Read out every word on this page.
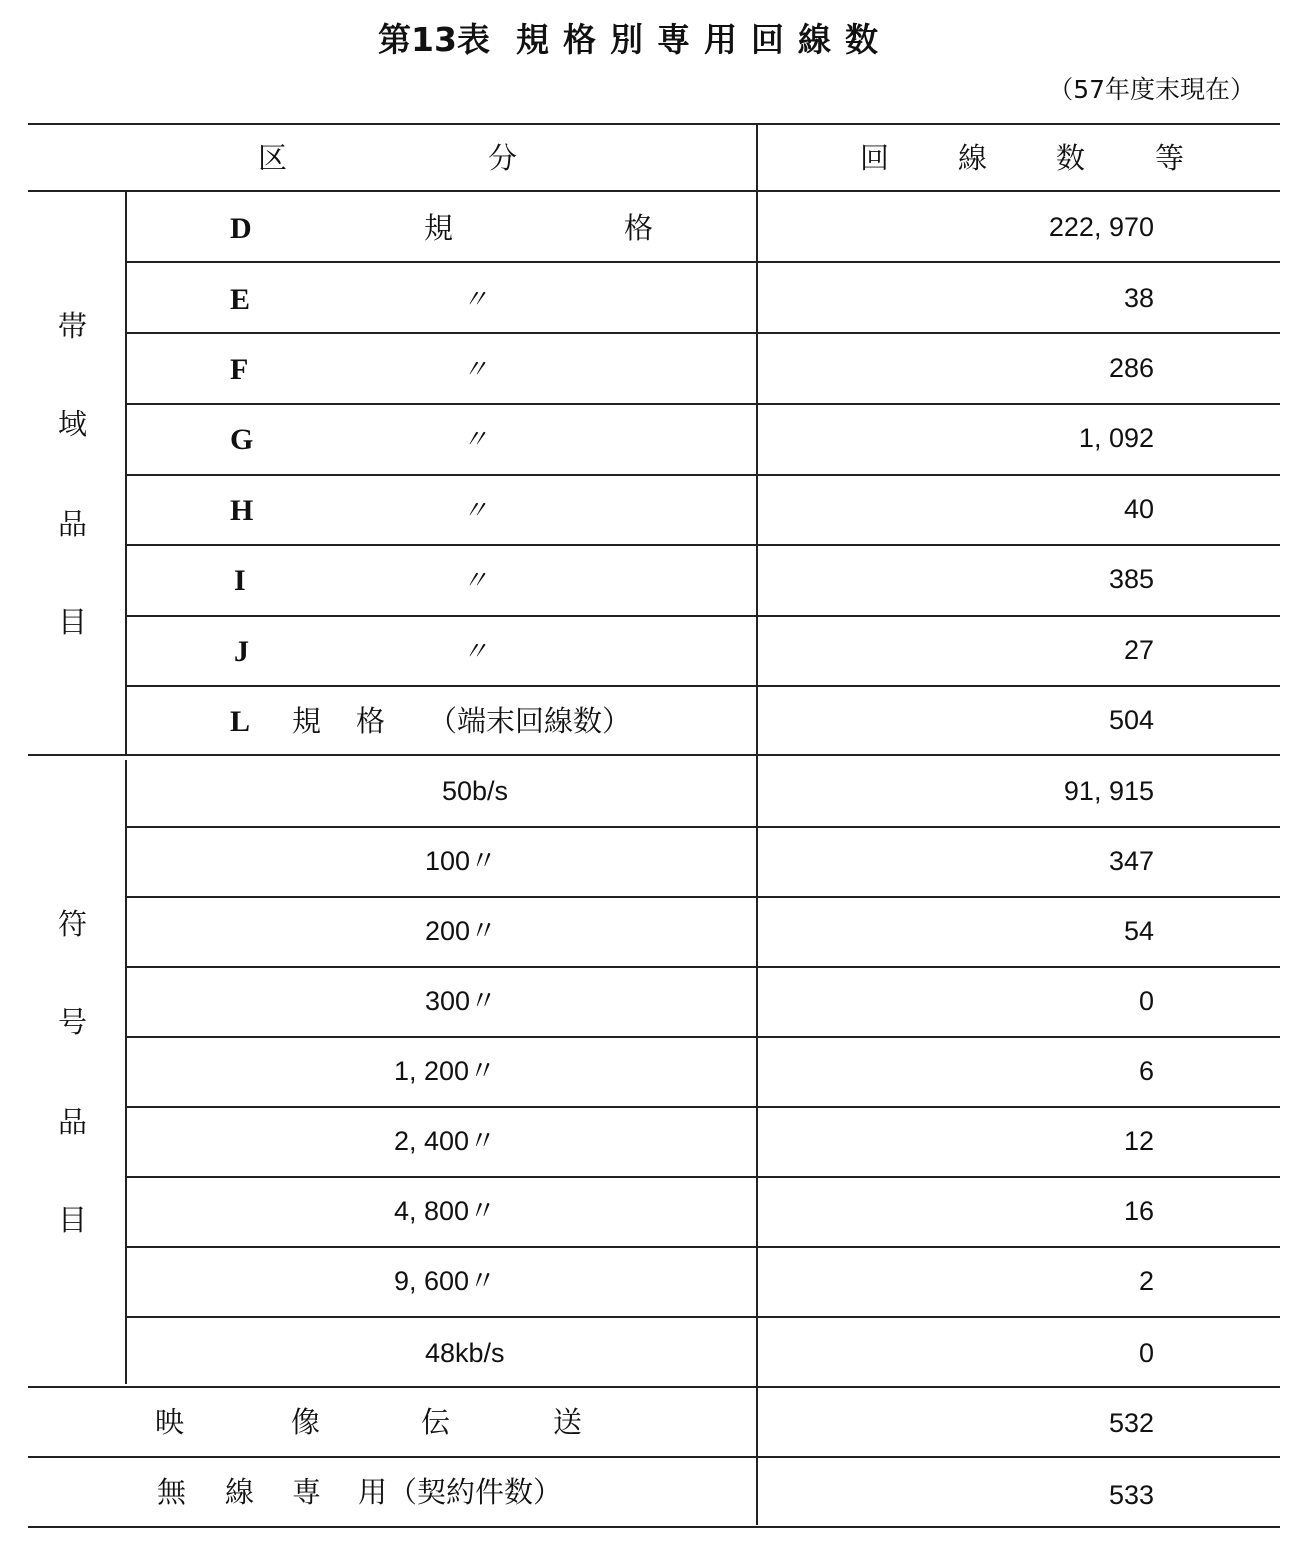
第13表 規格別専用回線数
（57年度末現在）
区	分	回 線 数 等
帯
域
品
目
D	規	格	222, 970
E	〃	38
F	〃	286
G	〃	1, 092
H	〃	40
I	〃	385
J	〃	27
L 規 格 （端末回線数）	504
符
号
品
目
50b/s	91, 915
100〃	347
200〃	54
300〃	0
1, 200〃	6
2, 400〃	12
4, 800〃	16
9, 600〃	2
48kb/s	0
映	像	伝	送	532
無 線 専 用 （契約件数）	533
